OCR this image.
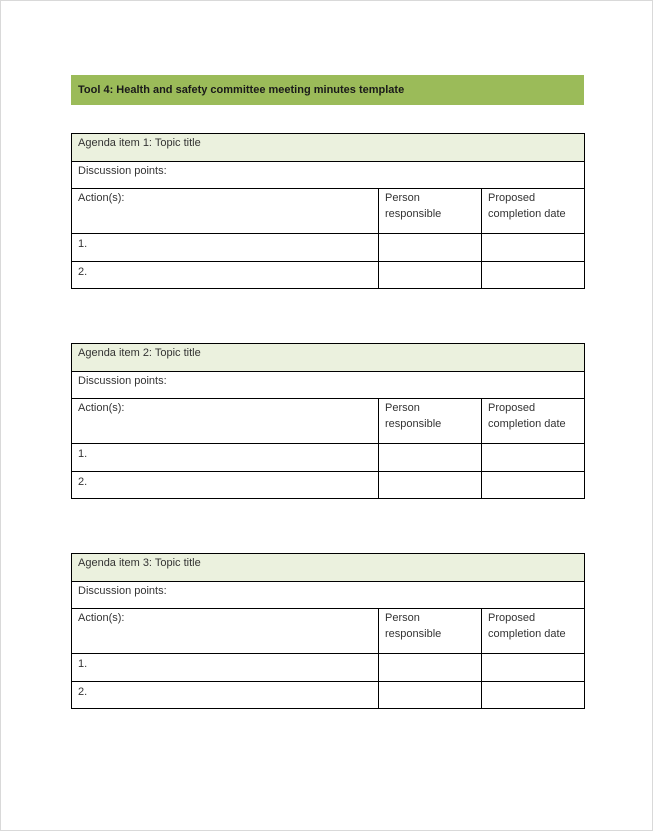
Tool 4: Health and safety committee meeting minutes template
Agenda item 1: Topic title		
Discussion points:		
Action(s):	Person responsible	Proposed completion date
1.		
2.		
Agenda item 2: Topic title		
Discussion points:		
Action(s):	Person responsible	Proposed completion date
1.		
2.		
Agenda item 3: Topic title		
Discussion points:		
Action(s):	Person responsible	Proposed completion date
1.		
2.		
